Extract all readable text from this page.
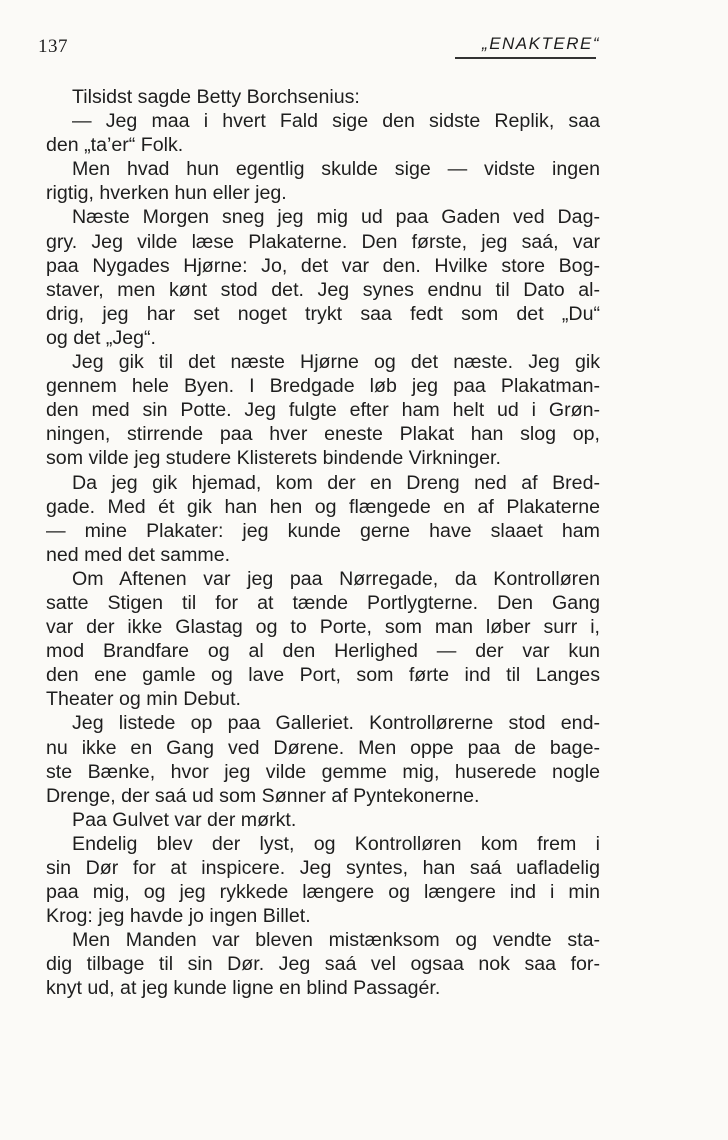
137	„ENAKTERE“
Tilsidst sagde Betty Borchsenius:
— Jeg maa i hvert Fald sige den sidste Replik, saa
den „ta’er“ Folk.
Men hvad hun egentlig skulde sige — vidste ingen
rigtig, hverken hun eller jeg.
Næste Morgen sneg jeg mig ud paa Gaden ved Dag-
gry. Jeg vilde læse Plakaterne. Den første, jeg saá, var
paa Nygades Hjørne: Jo, det var den. Hvilke store Bog-
staver, men kønt stod det. Jeg synes endnu til Dato al-
drig, jeg har set noget trykt saa fedt som det „Du“
og det „Jeg“.
Jeg gik til det næste Hjørne og det næste. Jeg gik
gennem hele Byen. I Bredgade løb jeg paa Plakatman-
den med sin Potte. Jeg fulgte efter ham helt ud i Grøn-
ningen, stirrende paa hver eneste Plakat han slog op,
som vilde jeg studere Klisterets bindende Virkninger.
Da jeg gik hjemad, kom der en Dreng ned af Bred-
gade. Med ét gik han hen og flængede en af Plakaterne
— mine Plakater: jeg kunde gerne have slaaet ham
ned med det samme.
Om Aftenen var jeg paa Nørregade, da Kontrolløren
satte Stigen til for at tænde Portlygterne. Den Gang
var der ikke Glastag og to Porte, som man løber surr i,
mod Brandfare og al den Herlighed — der var kun
den ene gamle og lave Port, som førte ind til Langes
Theater og min Debut.
Jeg listede op paa Galleriet. Kontrollørerne stod end-
nu ikke en Gang ved Dørene. Men oppe paa de bage-
ste Bænke, hvor jeg vilde gemme mig, huserede nogle
Drenge, der saá ud som Sønner af Pyntekonerne.
Paa Gulvet var der mørkt.
Endelig blev der lyst, og Kontrolløren kom frem i
sin Dør for at inspicere. Jeg syntes, han saá uafladelig
paa mig, og jeg rykkede længere og længere ind i min
Krog: jeg havde jo ingen Billet.
Men Manden var bleven mistænksom og vendte sta-
dig tilbage til sin Dør. Jeg saá vel ogsaa nok saa for-
knyt ud, at jeg kunde ligne en blind Passagér.
